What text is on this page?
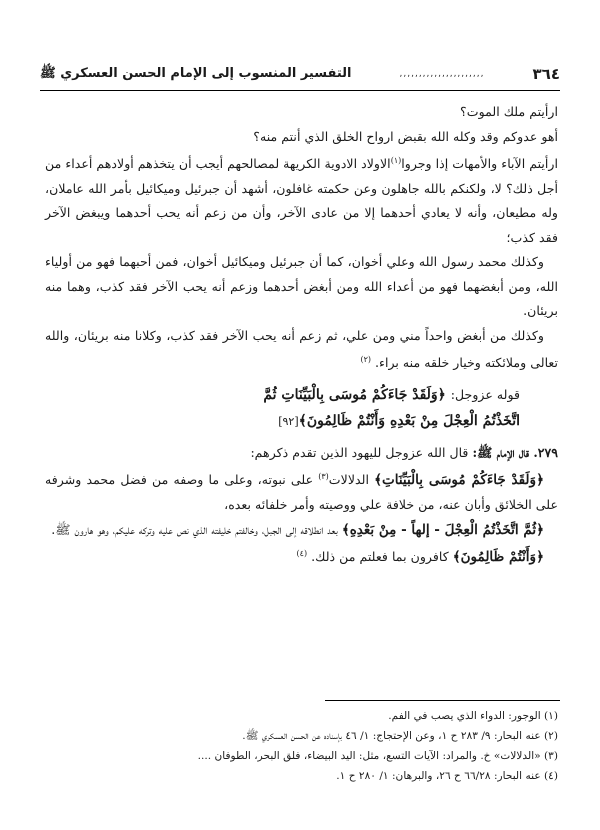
التفسير المنسوب إلى الإمام الحسن العسكري ﷺ	,,,,,,,,,,,,,,,,,,,,,,	٣٦٤

ارأيتم ملك الموت؟

أهو عدوكم وقد وكله الله بقبض ارواح الخلق الذي أنتم منه؟

ارأيتم الآباء والأمهات إذا وجروا$^{(١)}$الاولاد الادوية الكريهة لمصالحهم أيجب أن يتخذهم أولادهم أعداء من أجل ذلك؟ لا، ولكنكم بالله جاهلون وعن حكمته غافلون، أشهد أن جبرئيل وميكائيل بأمر الله عاملان، وله مطيعان، وأنه لا يعادي أحدهما إلا من عادى الآخر، وأن من زعم أنه يحب أحدهما ويبغض الآخر فقد كذب؛

وكذلك محمد رسول الله وعلي أخوان، كما أن جبرئيل وميكائيل أخوان، فمن أحبهما فهو من أولياء الله، ومن أبغضهما فهو من أعداء الله ومن أبغض أحدهما وزعم أنه يحب الآخر فقد كذب، وهما منه بريئان.

وكذلك من أبغض واحداً مني ومن علي، ثم زعم أنه يحب الآخر فقد كذب، وكلانا منه بريئان، والله تعالى وملائكته وخيار خلقه منه براء. $^{(٢)}$

قوله عزوجل: ﴿وَلَقَدْ جَاءَكُمْ مُوسَى بِالْبَيِّنَاتِ ثُمَّ
اتَّخَذْتُمُ الْعِجْلَ مِنْ بَعْدِهِ وَأَنْتُمْ ظَالِمُونَ﴾[٩٢]

٢٧٩. قال الإمام ﷺ: قال الله عزوجل لليهود الذين تقدم ذكرهم:

﴿وَلَقَدْ جَاءَكُمْ مُوسَى بِالْبَيِّنَاتِ﴾ الدلالات$^{(٣)}$ على نبوته، وعلى ما وصفه من فضل محمد وشرفه على الخلائق وأبان عنه، من خلافة علي ووصيته وأمر خلفائه بعده،

﴿ثُمَّ اتَّخَذْتُمُ الْعِجْلَ - إلهاً - مِنْ بَعْدِهِ﴾ بعد انطلاقه إلى الجبل، وخالفتم خليفته الذي نص عليه وتركه عليكم، وهو هارون ﷺ.

﴿وَأَنْتُمْ ظَالِمُونَ﴾ كافرون بما فعلتم من ذلك. $^{(٤)}$

(١) الوجور: الدواء الذي يصب في الفم.

(٢) عنه البحار: ٩/ ٢٨٣ ح ١، وعن الإحتجاج: ١/ ٤٦ بإسناده عن الحسن العسكري ﷺ.

(٣) «الدلالات» خ. والمراد: الآيات التسع، مثل: اليد البيضاء، فلق البحر، الطوفان ....

(٤) عنه البحار: ٦٦/٢٨ ح ٢٦، والبرهان: ١/ ٢٨٠ ح ١.
